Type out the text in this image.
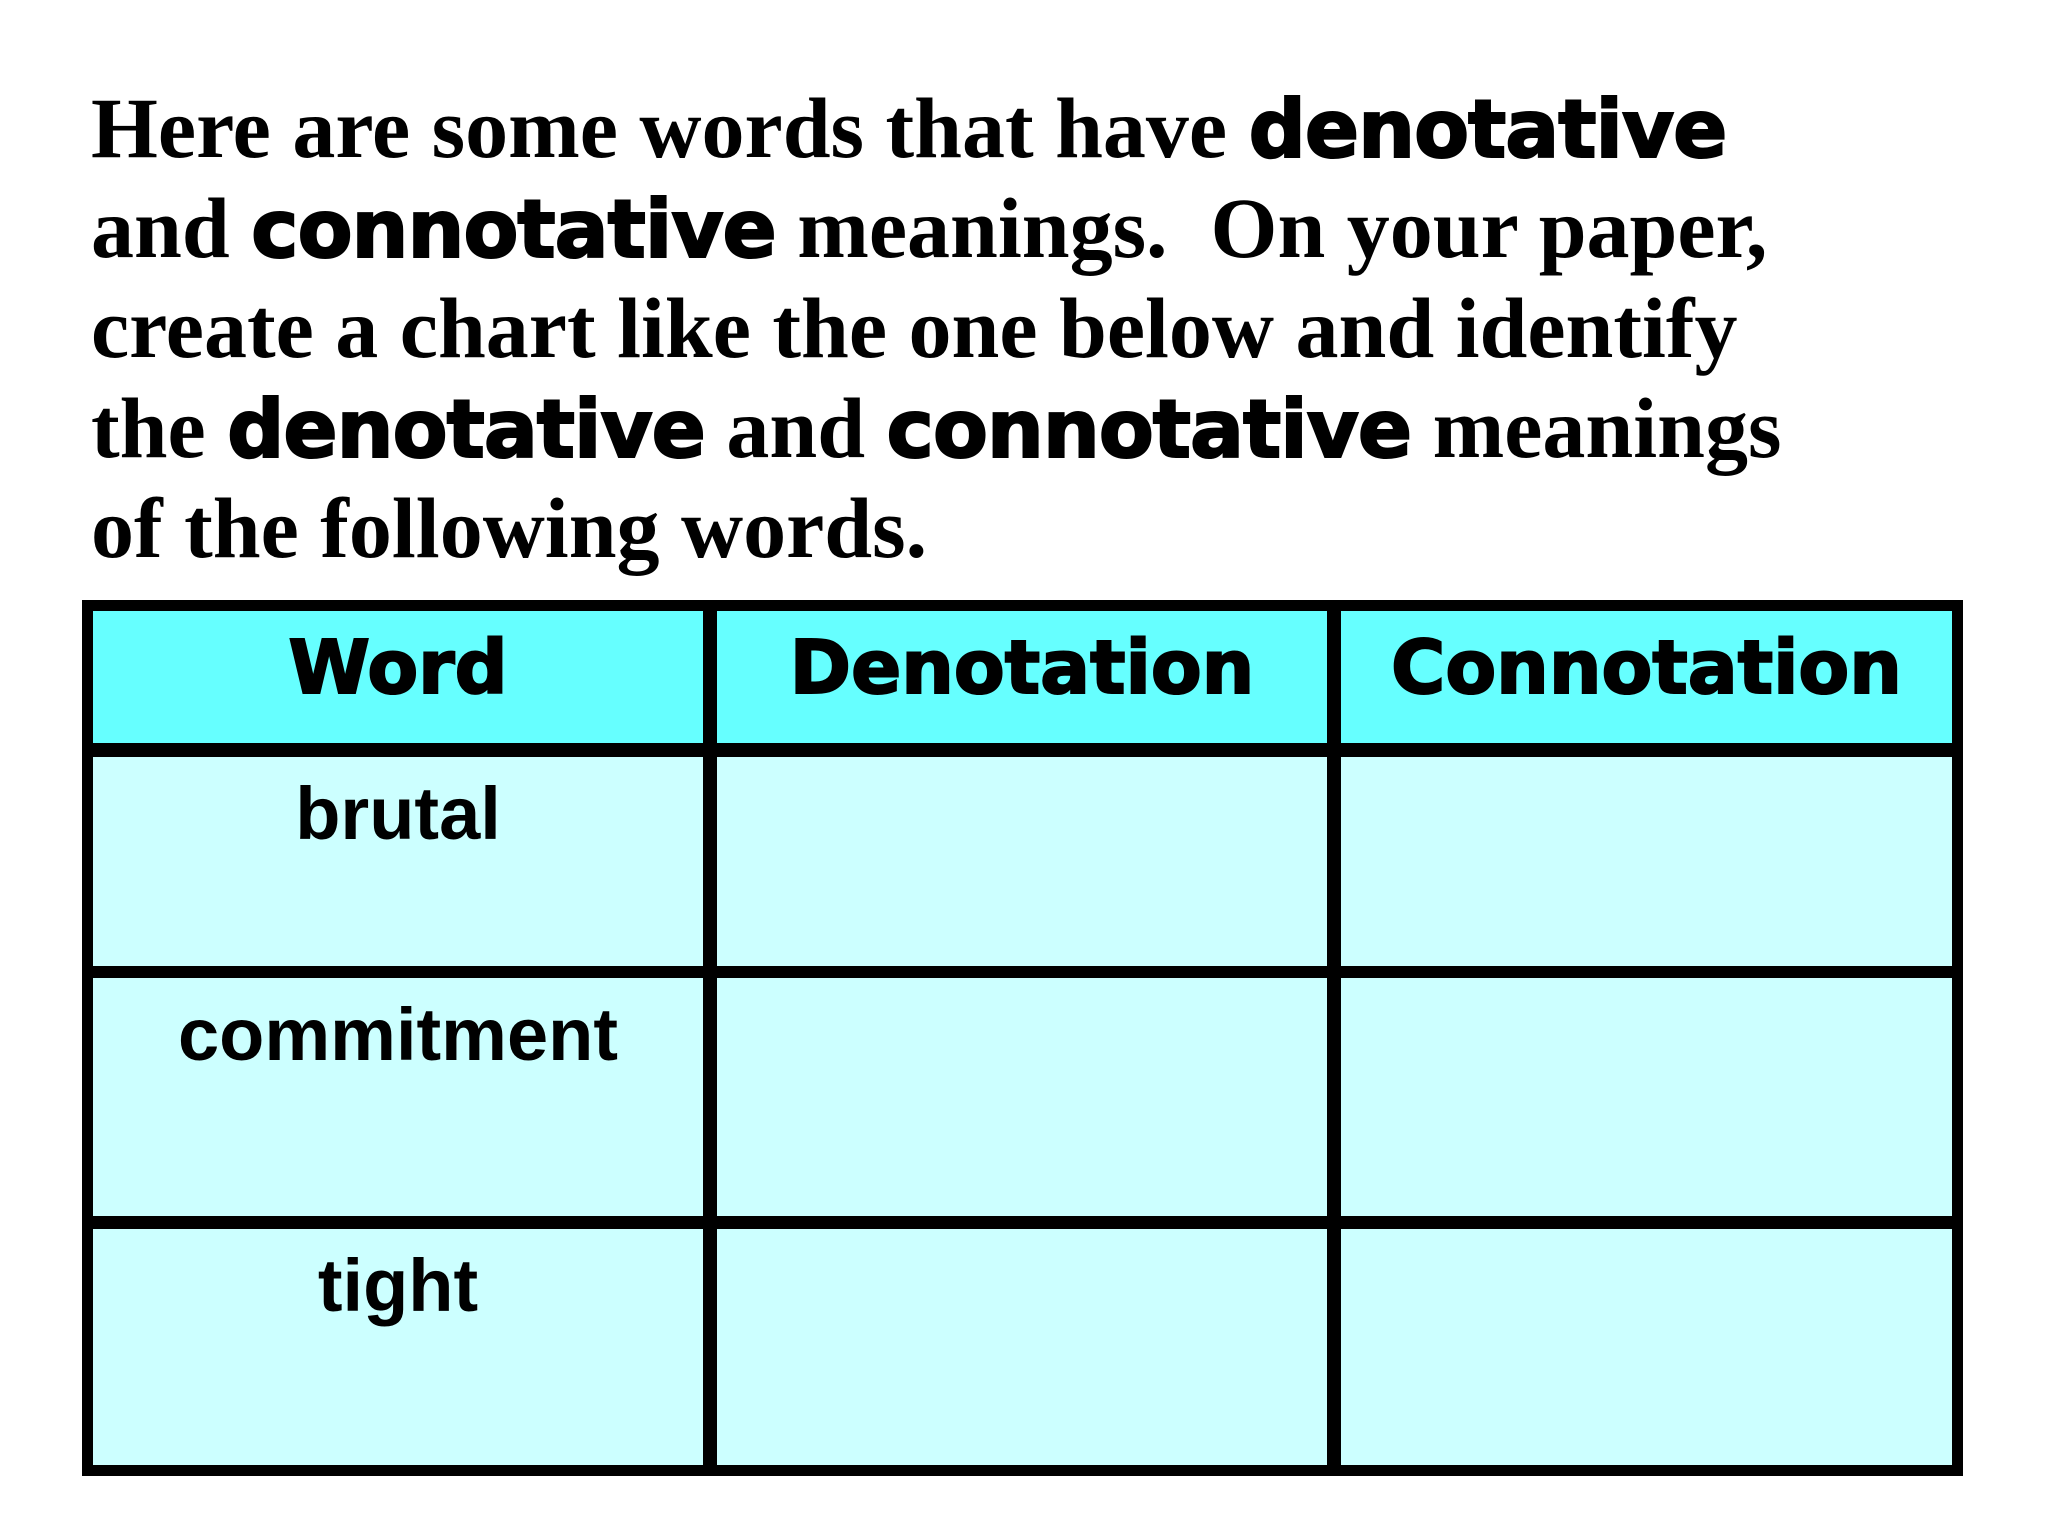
Here are some words that have denotative
and connotative meanings.  On your paper,
create a chart like the one below and identify
the denotative and connotative meanings
of the following words.

Word	Denotation	Connotation
brutal
commitment
tight
